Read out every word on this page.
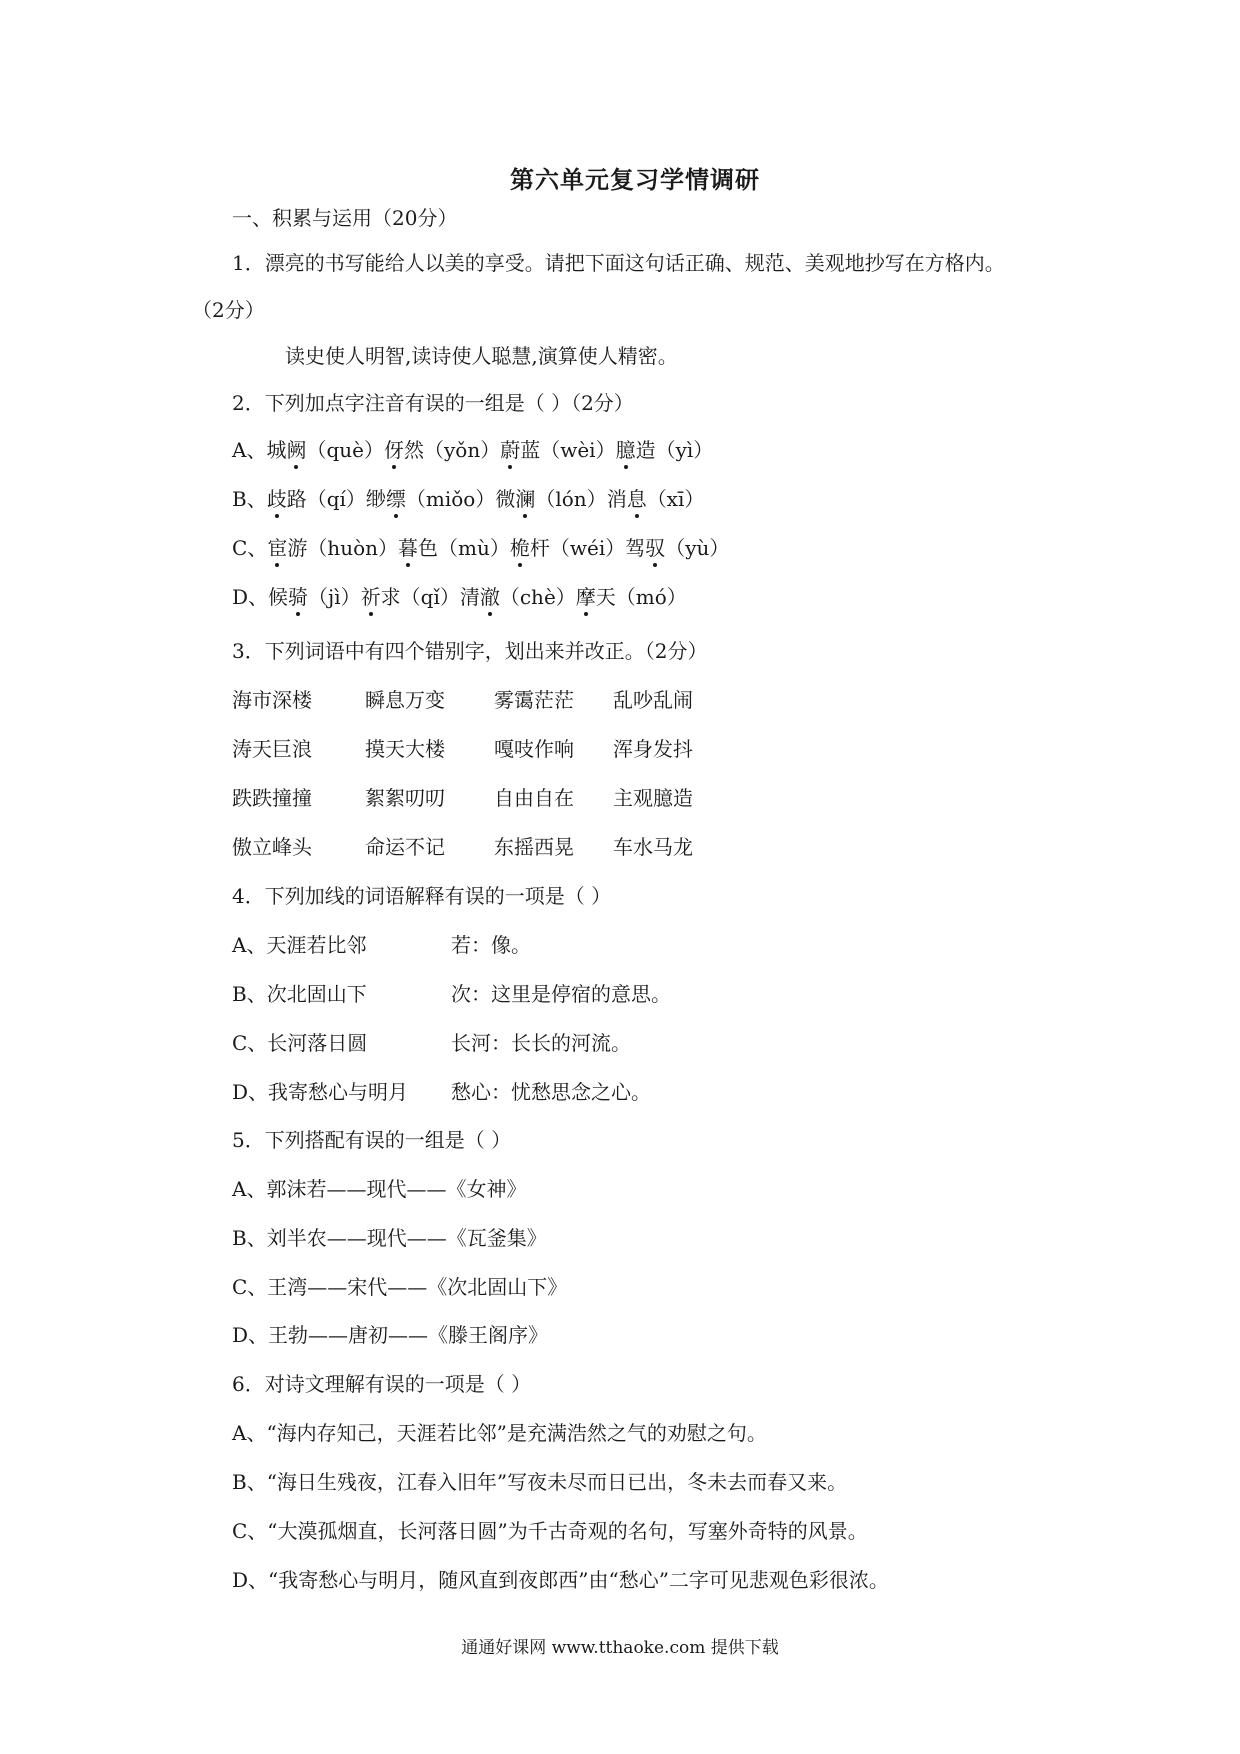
第六单元复习学情调研
一、积累与运用（20分）
1．漂亮的书写能给人以美的享受。请把下面这句话正确、规范、美观地抄写在方格内。
（2分）
读史使人明智,读诗使人聪慧,演算使人精密。
2．下列加点字注音有误的一组是（ ）（2分）
A、城阙（què）伢然（yǒn）蔚蓝（wèi）臆造（yì）
B、歧路（qí）缈缥（miǒo）微澜（lón）消息（xī）
C、宦游（huòn）暮色（mù）桅杆（wéi）驾驭（yù）
D、候骑（jì）祈求（qǐ）清澈（chè）摩天（mó）
3．下列词语中有四个错别字，划出来并改正。（2分）
海市深楼	瞬息万变 雾霭茫茫 乱吵乱闹
涛天巨浪	摸天大楼 嘎吱作响 浑身发抖
跌跌撞撞	絮絮叨叨 自由自在 主观臆造
傲立峰头	命运不记 东摇西晃 车水马龙
4．下列加线的词语解释有误的一项是（ ）
A、天涯若比邻	若：像。
B、次北固山下	次：这里是停宿的意思。
C、长河落日圆	长河：长长的河流。
D、我寄愁心与明月 愁心：忧愁思念之心。
5．下列搭配有误的一组是（ ）
A、郭沫若——现代——《女神》
B、刘半农——现代——《瓦釜集》
C、王湾——宋代——《次北固山下》
D、王勃——唐初——《滕王阁序》
6．对诗文理解有误的一项是（ ）
A、“海内存知己，天涯若比邻”是充满浩然之气的劝慰之句。
B、“海日生残夜，江春入旧年”写夜未尽而日已出，冬未去而春又来。
C、“大漠孤烟直，长河落日圆”为千古奇观的名句，写塞外奇特的风景。
D、“我寄愁心与明月，随风直到夜郎西”由“愁心”二字可见悲观色彩很浓。
通通好课网 www.tthaoke.com 提供下载
